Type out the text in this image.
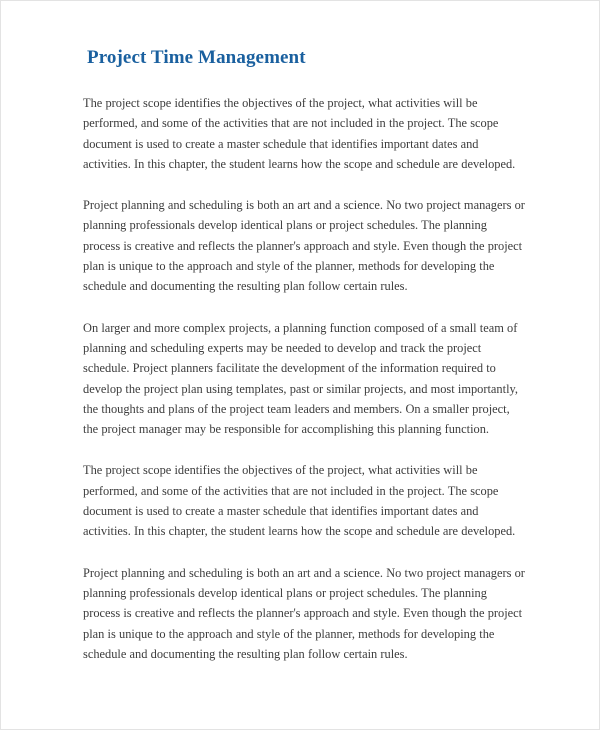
Project Time Management

The project scope identifies the objectives of the project, what activities will be performed, and some of the activities that are not included in the project. The scope document is used to create a master schedule that identifies important dates and activities. In this chapter, the student learns how the scope and schedule are developed.

Project planning and scheduling is both an art and a science. No two project managers or planning professionals develop identical plans or project schedules. The planning process is creative and reflects the planner's approach and style. Even though the project plan is unique to the approach and style of the planner, methods for developing the schedule and documenting the resulting plan follow certain rules.

On larger and more complex projects, a planning function composed of a small team of planning and scheduling experts may be needed to develop and track the project schedule. Project planners facilitate the development of the information required to develop the project plan using templates, past or similar projects, and most importantly, the thoughts and plans of the project team leaders and members. On a smaller project, the project manager may be responsible for accomplishing this planning function.

The project scope identifies the objectives of the project, what activities will be performed, and some of the activities that are not included in the project. The scope document is used to create a master schedule that identifies important dates and activities. In this chapter, the student learns how the scope and schedule are developed.

Project planning and scheduling is both an art and a science. No two project managers or planning professionals develop identical plans or project schedules. The planning process is creative and reflects the planner's approach and style. Even though the project plan is unique to the approach and style of the planner, methods for developing the schedule and documenting the resulting plan follow certain rules.
